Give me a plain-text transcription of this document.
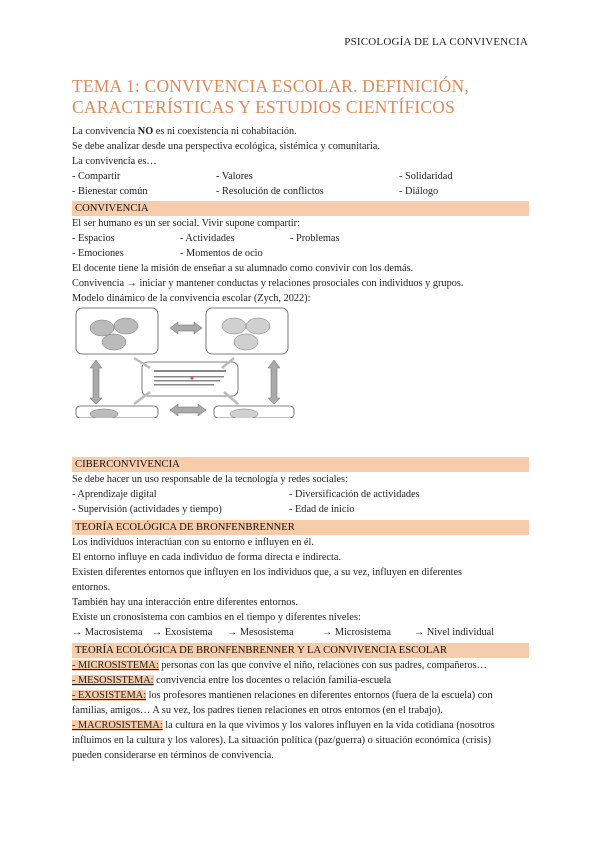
PSICOLOGÍA DE LA CONVIVENCIA
TEMA 1: CONVIVENCIA ESCOLAR. DEFINICIÓN,
CARACTERÍSTICAS Y ESTUDIOS CIENTÍFICOS

La convivencia NO es ni coexistencia ni cohabitación.

Se debe analizar desde una perspectiva ecológica, sistémica y comunitaria.

La convivencia es…

- Compartir	- Valores	- Solidaridad
- Bienestar común	- Resolución de conflictos	- Diálogo
CONVIVENCIA

El ser humano es un ser social. Vivir supone compartir:

- Espacios	- Actividades	- Problemas
- Emociones	- Momentos de ocio

El docente tiene la misión de enseñar a su alumnado como convivir con los demás.

Convivencia → iniciar y mantener conductas y relaciones prosociales con individuos y grupos.

Modelo dinámico de la convivencia escolar (Zych, 2022):

CIBERCONVIVENCIA

Se debe hacer un uso responsable de la tecnología y redes sociales:

- Aprendizaje digital	- Diversificación de actividades
- Supervisión (actividades y tiempo)	- Edad de inicio
TEORÍA ECOLÓGICA DE BRONFENBRENNER

Los individuos interactúan con su entorno e influyen en él.

El entorno influye en cada individuo de forma directa e indirecta.

Existen diferentes entornos que influyen en los individuos que, a su vez, influyen en diferentes

entornos.

También hay una interacción entre diferentes entornos.

Existe un cronosistema con cambios en el tiempo y diferentes niveles:

→ Macrosistema → Exosistema → Mesosistema	→ Microsistema → Nivel individual
TEORÍA ECOLÓGICA DE BRONFENBRENNER Y LA CONVIVENCIA ESCOLAR

- MICROSISTEMA: personas con las que convive el niño, relaciones con sus padres, compañeros…

- MESOSISTEMA: convivencia entre los docentes o relación familia-escuela

- EXOSISTEMA: los profesores mantienen relaciones en diferentes entornos (fuera de la escuela) con

familias, amigos… A su vez, los padres tienen relaciones en otros entornos (en el trabajo).

- MACROSISTEMA: la cultura en la que vivimos y los valores influyen en la vida cotidiana (nosotros

influimos en la cultura y los valores). La situación política (paz/guerra) o situación económica (crisis)

pueden considerarse en términos de convivencia.
